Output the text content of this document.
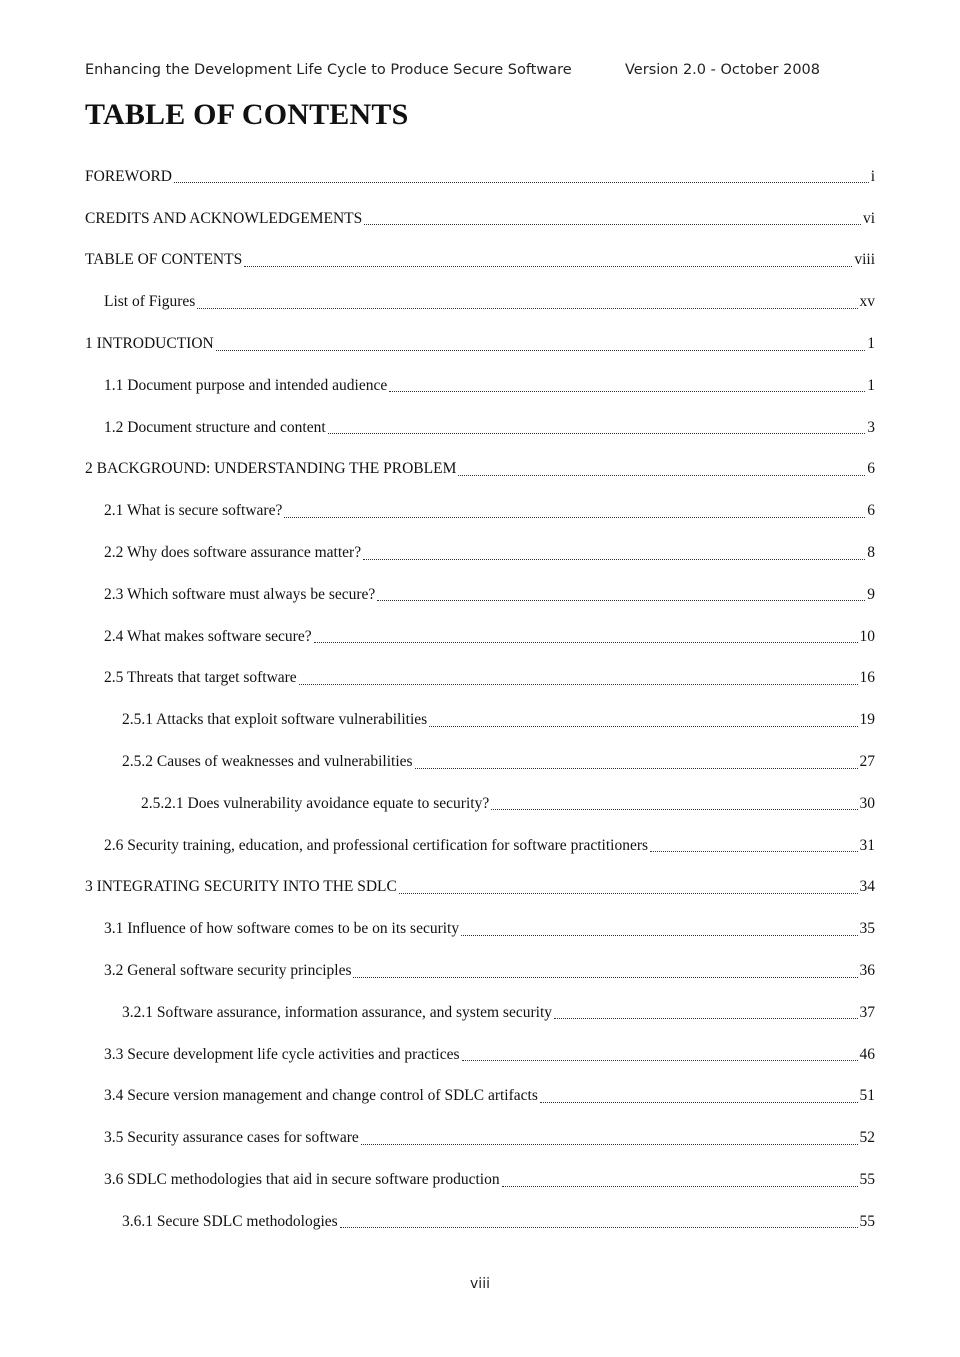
Enhancing the Development Life Cycle to Produce Secure Software	Version 2.0 - October 2008
TABLE OF CONTENTS
FOREWORD	i
CREDITS AND ACKNOWLEDGEMENTS	vi
TABLE OF CONTENTS	viii
List of Figures	xv
1 INTRODUCTION	1
1.1 Document purpose and intended audience	1
1.2 Document structure and content	3
2 BACKGROUND: UNDERSTANDING THE PROBLEM	6
2.1 What is secure software?	6
2.2 Why does software assurance matter?	8
2.3 Which software must always be secure?	9
2.4 What makes software secure?	10
2.5 Threats that target software	16
2.5.1 Attacks that exploit software vulnerabilities	19
2.5.2 Causes of weaknesses and vulnerabilities	27
2.5.2.1 Does vulnerability avoidance equate to security?	30
2.6 Security training, education, and professional certification for software practitioners	31
3 INTEGRATING SECURITY INTO THE SDLC	34
3.1 Influence of how software comes to be on its security	35
3.2 General software security principles	36
3.2.1 Software assurance, information assurance, and system security	37
3.3 Secure development life cycle activities and practices	46
3.4 Secure version management and change control of SDLC artifacts	51
3.5 Security assurance cases for software	52
3.6 SDLC methodologies that aid in secure software production	55
3.6.1 Secure SDLC methodologies	55
viii
